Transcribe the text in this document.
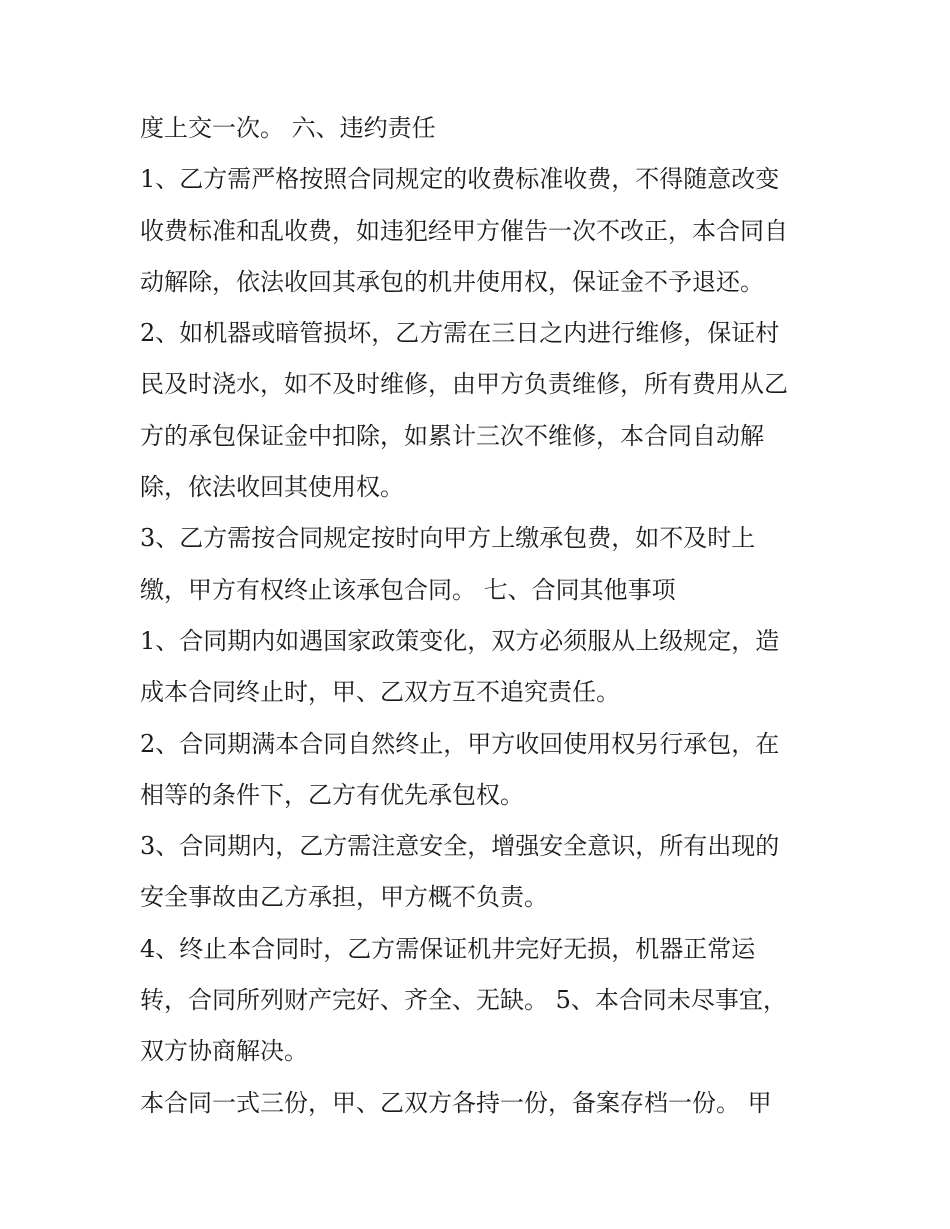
度上交一次。 六、违约责任

1、乙方需严格按照合同规定的收费标准收费，不得随意改变
收费标准和乱收费，如违犯经甲方催告一次不改正，本合同自
动解除，依法收回其承包的机井使用权，保证金不予退还。

2、如机器或暗管损坏，乙方需在三日之内进行维修，保证村
民及时浇水，如不及时维修，由甲方负责维修，所有费用从乙
方的承包保证金中扣除，如累计三次不维修，本合同自动解
除，依法收回其使用权。

3、乙方需按合同规定按时向甲方上缴承包费，如不及时上
缴，甲方有权终止该承包合同。 七、合同其他事项

1、合同期内如遇国家政策变化，双方必须服从上级规定，造
成本合同终止时，甲、乙双方互不追究责任。

2、合同期满本合同自然终止，甲方收回使用权另行承包，在
相等的条件下，乙方有优先承包权。

3、合同期内，乙方需注意安全，增强安全意识，所有出现的
安全事故由乙方承担，甲方概不负责。

4、终止本合同时，乙方需保证机井完好无损，机器正常运
转，合同所列财产完好、齐全、无缺。 5、本合同未尽事宜，
双方协商解决。

本合同一式三份，甲、乙双方各持一份，备案存档一份。 甲
